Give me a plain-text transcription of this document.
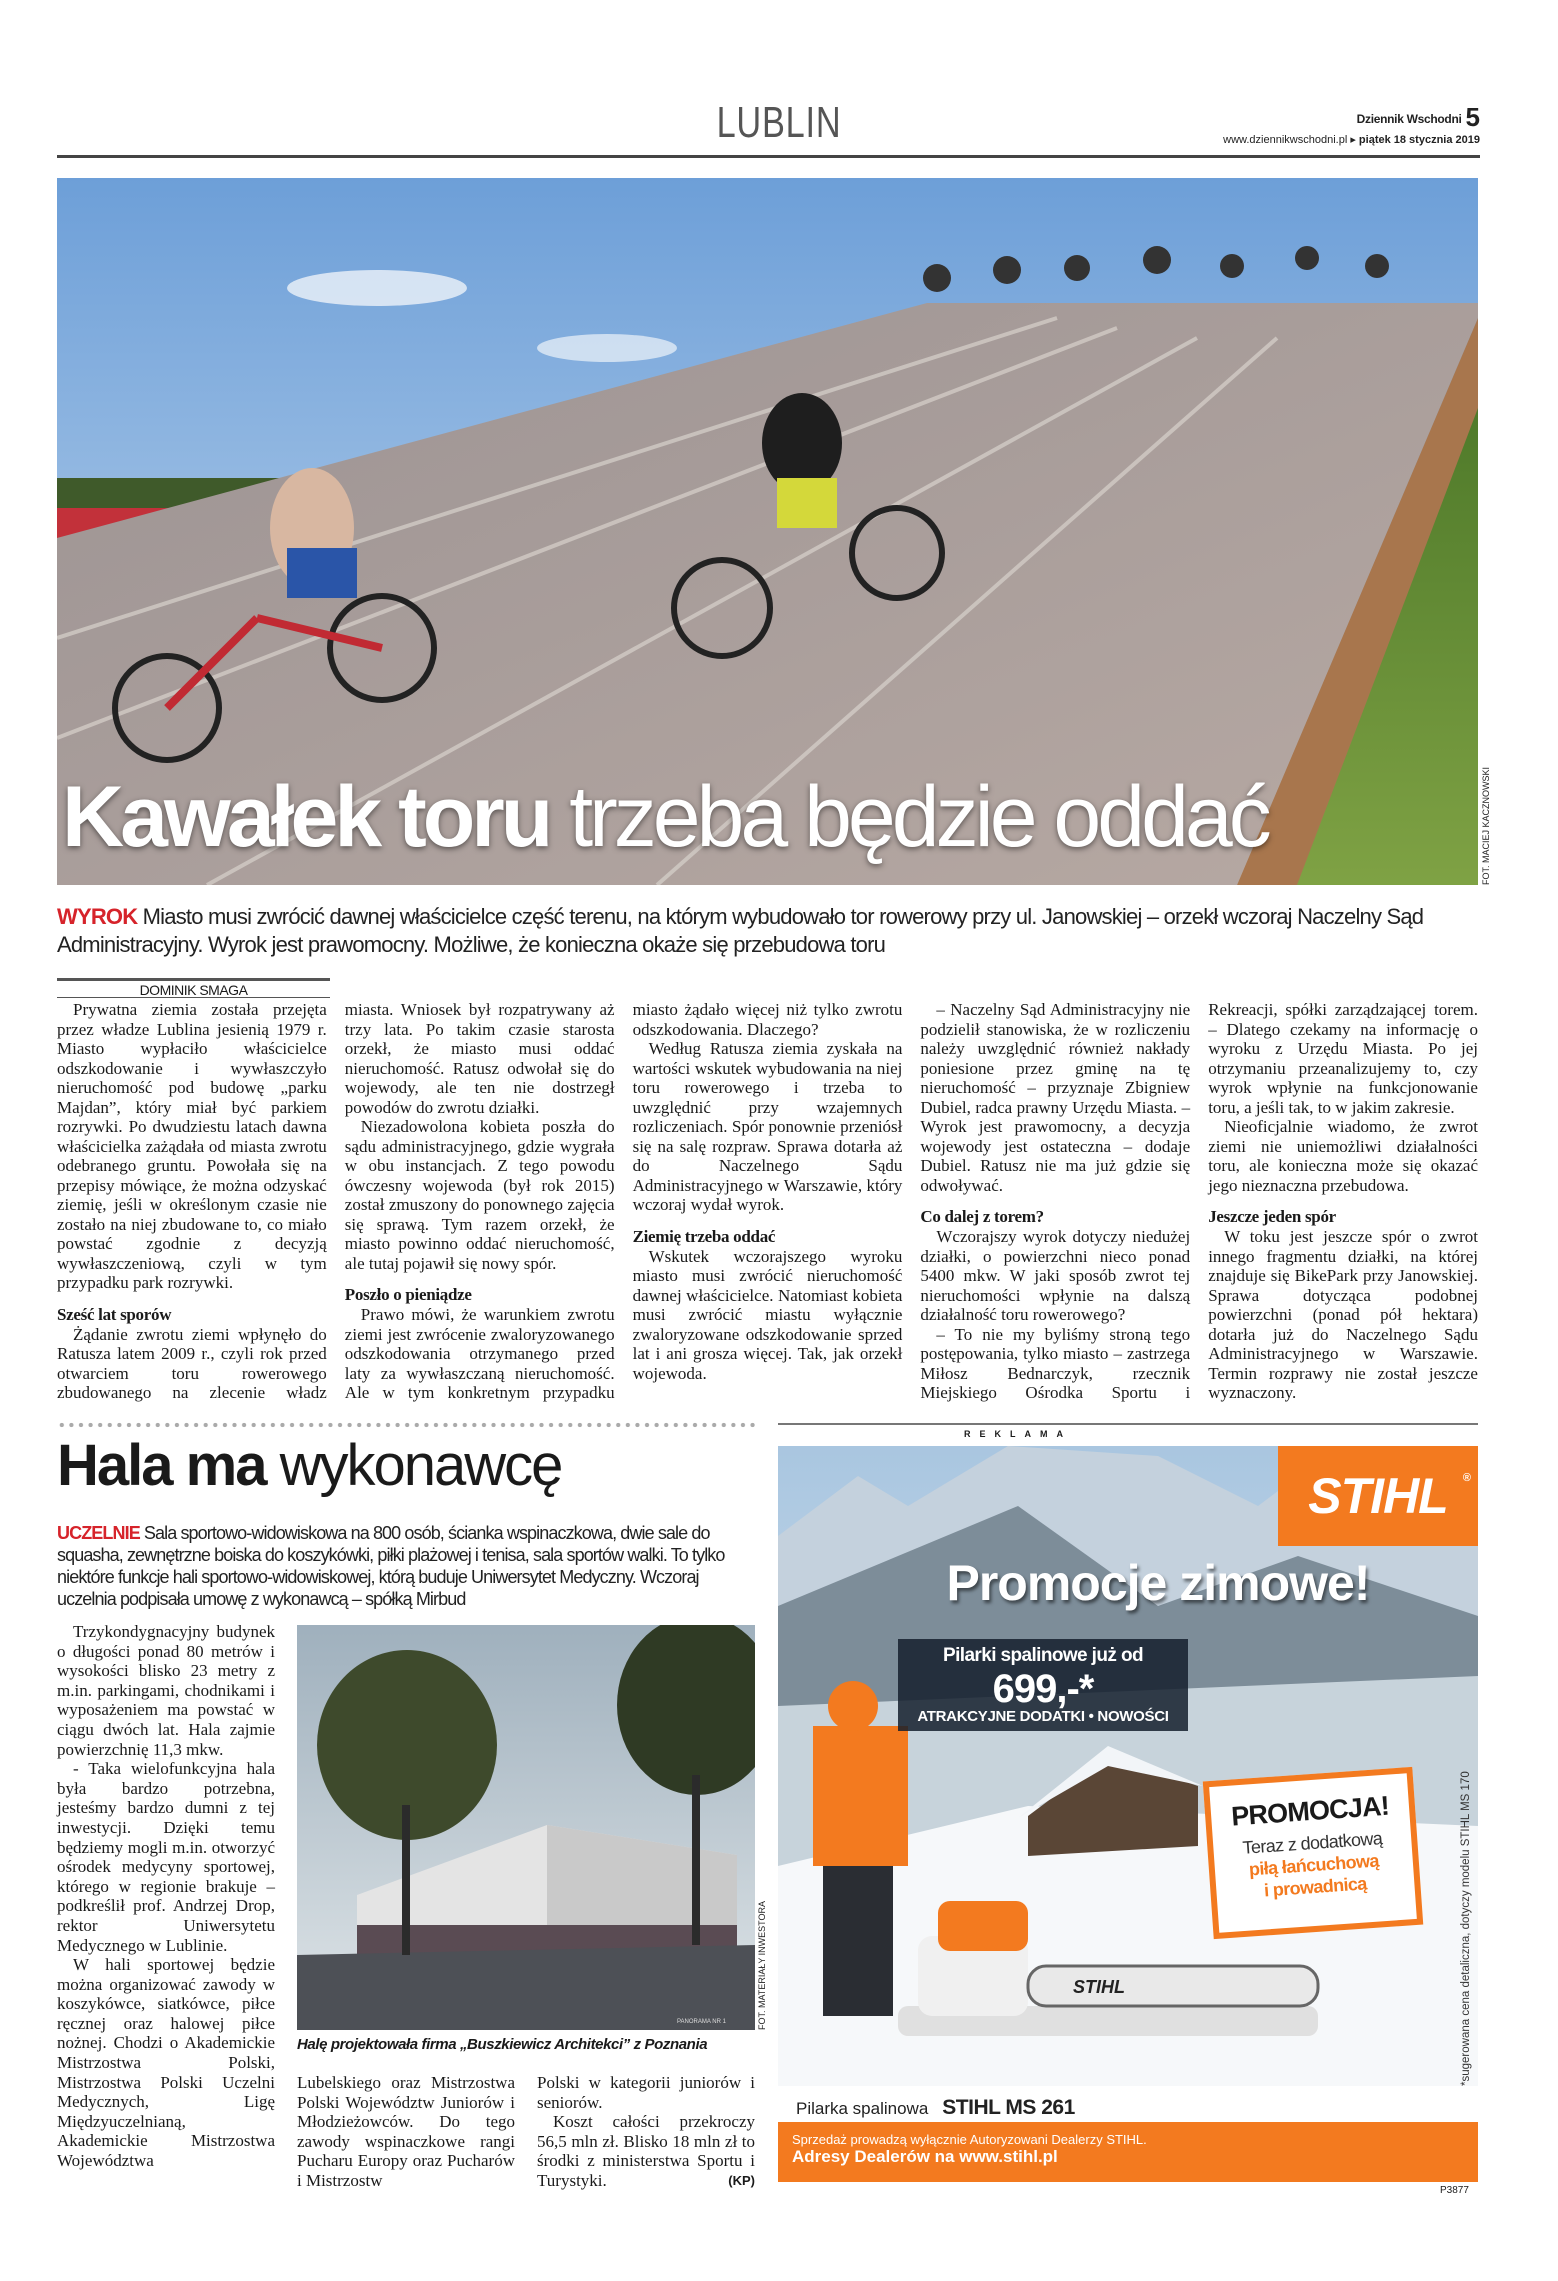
LUBLIN	Dziennik Wschodni 5
www.dziennikwschodni.pl ▸ piątek 18 stycznia 2019
Kawałek toru trzeba będzie oddać	FOT. MACIEJ KACZNOWSKI
WYROK Miasto musi zwrócić dawnej właścicielce część terenu, na którym wybudowało tor rowerowy przy ul. Janowskiej – orzekł wczoraj Naczelny Sąd Administracyjny. Wyrok jest prawomocny. Możliwe, że konieczna okaże się przebudowa toru
DOMINIK SMAGA

Prywatna ziemia została przejęta przez władze Lublina jesienią 1979 r. Miasto wypłaciło właścicielce odszkodowanie i wywłaszczyło nieruchomość pod budowę „parku Majdan”, który miał być parkiem rozrywki. Po dwudziestu latach dawna właścicielka zażądała od miasta zwrotu odebranego gruntu. Powołała się na przepisy mówiące, że można odzyskać ziemię, jeśli w określonym czasie nie zostało na niej zbudowane to, co miało powstać zgodnie z decyzją wywłaszczeniową, czyli w tym przypadku park rozrywki.

Sześć lat sporów

Żądanie zwrotu ziemi wpłynęło do Ratusza latem 2009 r., czyli rok przed otwarciem toru rowerowego zbudowanego na zlecenie władz miasta. Wniosek był rozpatrywany aż trzy lata. Po takim czasie starosta orzekł, że miasto musi oddać nieruchomość. Ratusz odwołał się do wojewody, ale ten nie dostrzegł powodów do zwrotu działki.

Niezadowolona kobieta poszła do sądu administracyjnego, gdzie wygrała w obu instancjach. Z tego powodu ówczesny wojewoda (był rok 2015) został zmuszony do ponownego zajęcia się sprawą. Tym razem orzekł, że miasto powinno oddać nieruchomość, ale tutaj pojawił się nowy spór.

Poszło o pieniądze

Prawo mówi, że warunkiem zwrotu ziemi jest zwrócenie zwaloryzowanego odszkodowania otrzymanego przed laty za wywłaszczaną nieruchomość. Ale w tym konkretnym przypadku miasto żądało więcej niż tylko zwrotu odszkodowania. Dlaczego?

Według Ratusza ziemia zyskała na wartości wskutek wybudowania na niej toru rowerowego i trzeba to uwzględnić przy wzajemnych rozliczeniach. Spór ponownie przeniósł się na salę rozpraw. Sprawa dotarła aż do Naczelnego Sądu Administracyjnego w Warszawie, który wczoraj wydał wyrok.

Ziemię trzeba oddać

Wskutek wczorajszego wyroku miasto musi zwrócić nieruchomość dawnej właścicielce. Natomiast kobieta musi zwrócić miastu wyłącznie zwaloryzowane odszkodowanie sprzed lat i ani grosza więcej. Tak, jak orzekł wojewoda.

– Naczelny Sąd Administracyjny nie podzielił stanowiska, że w rozliczeniu należy uwzględnić również nakłady poniesione przez gminę na tę nieruchomość – przyznaje Zbigniew Dubiel, radca prawny Urzędu Miasta. – Wyrok jest prawomocny, a decyzja wojewody jest ostateczna – dodaje Dubiel. Ratusz nie ma już gdzie się odwoływać.

Co dalej z torem?

Wczorajszy wyrok dotyczy niedużej działki, o powierzchni nieco ponad 5400 mkw. W jaki sposób zwrot tej nieruchomości wpłynie na dalszą działalność toru rowerowego?

– To nie my byliśmy stroną tego postępowania, tylko miasto – zastrzega Miłosz Bednarczyk, rzecznik Miejskiego Ośrodka Sportu i Rekreacji, spółki zarządzającej torem. – Dlatego czekamy na informację o wyroku z Urzędu Miasta. Po jej otrzymaniu przeanalizujemy to, czy wyrok wpłynie na funkcjonowanie toru, a jeśli tak, to w jakim zakresie.

Nieoficjalnie wiadomo, że zwrot ziemi nie uniemożliwi działalności toru, ale konieczna może się okazać jego nieznaczna przebudowa.

Jeszcze jeden spór

W toku jest jeszcze spór o zwrot innego fragmentu działki, na której znajduje się BikePark przy Janowskiej. Sprawa dotycząca podobnej powierzchni (ponad pół hektara) dotarła już do Naczelnego Sądu Administracyjnego w Warszawie. Termin rozprawy nie został jeszcze wyznaczony.

Hala ma wykonawcę
UCZELNIE Sala sportowo-widowiskowa na 800 osób, ścianka wspinaczkowa, dwie sale do squasha, zewnętrzne boiska do koszykówki, piłki plażowej i tenisa, sala sportów walki. To tylko niektóre funkcje hali sportowo-widowiskowej, którą buduje Uniwersytet Medyczny. Wczoraj uczelnia podpisała umowę z wykonawcą – spółką Mirbud

Trzykondygnacyjny budynek o długości ponad 80 metrów i wysokości blisko 23 metry z m.in. parkingami, chodnikami i wyposażeniem ma powstać w ciągu dwóch lat. Hala zajmie powierzchnię 11,3 mkw.

- Taka wielofunkcyjna hala była bardzo potrzebna, jesteśmy bardzo dumni z tej inwestycji. Dzięki temu będziemy mogli m.in. otworzyć ośrodek medycyny sportowej, którego w regionie brakuje – podkreślił prof. Andrzej Drop, rektor Uniwersytetu Medycznego w Lublinie.

W hali sportowej będzie można organizować zawody w koszykówce, siatkówce, piłce ręcznej oraz halowej piłce nożnej. Chodzi o Akademickie Mistrzostwa Polski, Mistrzostwa Polski Uczelni Medycznych, Ligę Międzyuczelnianą, Akademickie Mistrzostwa Województwa

PANORAMA NR 1	FOT. MATERIAŁY INWESTORA
Halę projektowała firma „Buszkiewicz Architekci” z Poznania

Lubelskiego oraz Mistrzostwa Polski Województw Juniorów i Młodzieżowców. Do tego zawody wspinaczkowe rangi Pucharu Europy oraz Pucharów i Mistrzostw

Polski w kategorii juniorów i seniorów.

Koszt całości przekroczy 56,5 mln zł. Blisko 18 mln zł to środki z ministerstwa Sportu i Turystyki.	(KP)

REKLAMA
STIHL
STIHL ®
Promocje zimowe!
Pilarki spalinowe już od 699,-*
ATRAKCYJNE DODATKI • NOWOŚCI
PROMOCJA!
Teraz z dodatkową
piłą łańcuchową
i prowadnicą	*sugerowana cena detaliczna, dotyczy modelu STIHL MS 170
Pilarka spalinowa STIHL MS 261
Sprzedaż prowadzą wyłącznie Autoryzowani Dealerzy STIHL.
Adresy Dealerów na www.stihl.pl
P3877
